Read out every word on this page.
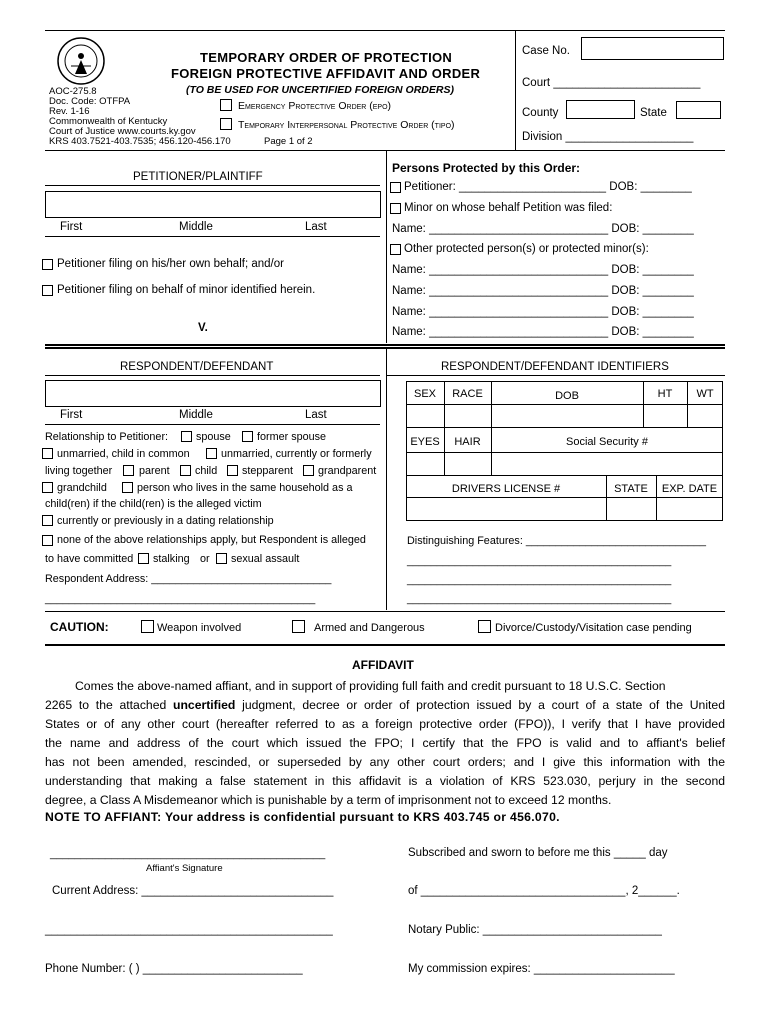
TEMPORARY ORDER OF PROTECTION
FOREIGN PROTECTIVE AFFIDAVIT AND ORDER
(TO BE USED FOR UNCERTIFIED FOREIGN ORDERS)
AOC-275.8
Doc. Code: OTFPA
Rev. 1-16
Commonwealth of Kentucky
Court of Justice www.courts.ky.gov
KRS 403.7521-403.7535; 456.120-456.170	Page 1 of 2
Emergency Protective Order (epo)
Temporary Interpersonal Protective Order (tipo)
Case No.
Court _______________________
County	State
Division ____________________
PETITIONER/PLAINTIFF
First	Middle	Last
Petitioner filing on his/her own behalf; and/or
Petitioner filing on behalf of minor identified herein.
V.
Persons Protected by this Order:
Petitioner: _______________________ DOB: ________
Minor on whose behalf Petition was filed:
Name: ____________________________ DOB: ________
Other protected person(s) or protected minor(s):
Name: ____________________________ DOB: ________
Name: ____________________________ DOB: ________
Name: ____________________________ DOB: ________
Name: ____________________________ DOB: ________
RESPONDENT/DEFENDANT
First	Middle	Last
Relationship to Petitioner:	spouse former spouse
unmarried, child in common	unmarried, currently or formerly
living together parent child stepparent grandparent
grandchild	person who lives in the same household as a
child(ren) if the child(ren) is the alleged victim
currently or previously in a dating relationship
none of the above relationships apply, but Respondent is alleged
to have committed stalking or sexual assault
Respondent Address: ______________________________
_____________________________________________
RESPONDENT/DEFENDANT IDENTIFIERS
SEX	RACE	DOB	HT	WT
EYES	HAIR	Social Security #
DRIVERS LICENSE #	STATE	EXP. DATE
Distinguishing Features: ______________________________
____________________________________________
____________________________________________
____________________________________________
CAUTION:	Weapon involved	Armed and Dangerous	Divorce/Custody/Visitation case pending
AFFIDAVIT
Comes the above-named affiant, and in support of providing full faith and credit pursuant to 18 U.S.C. Section
2265 to the attached uncertified judgment, decree or order of protection issued by a court of a state of the United
States or of any other court (hereafter referred to as a foreign protective order (FPO)), I verify that I have provided
the name and address of the court which issued the FPO; I certify that the FPO is valid and to affiant's belief
has not been amended, rescinded, or superseded by any other court orders; and I give this information with the
understanding that making a false statement in this affidavit is a violation of KRS 523.030, perjury in the second
degree, a Class A Misdemeanor which is punishable by a term of imprisonment not to exceed 12 months.
NOTE TO AFFIANT: Your address is confidential pursuant to KRS 403.745 or 456.070.
_____________________________________________
Affiant's Signature
Current Address: ______________________________
_____________________________________________
Phone Number: ( ) _________________________
Subscribed and sworn to before me this _____ day
of ________________________________, 2______.
Notary Public: ____________________________
My commission expires: ______________________
